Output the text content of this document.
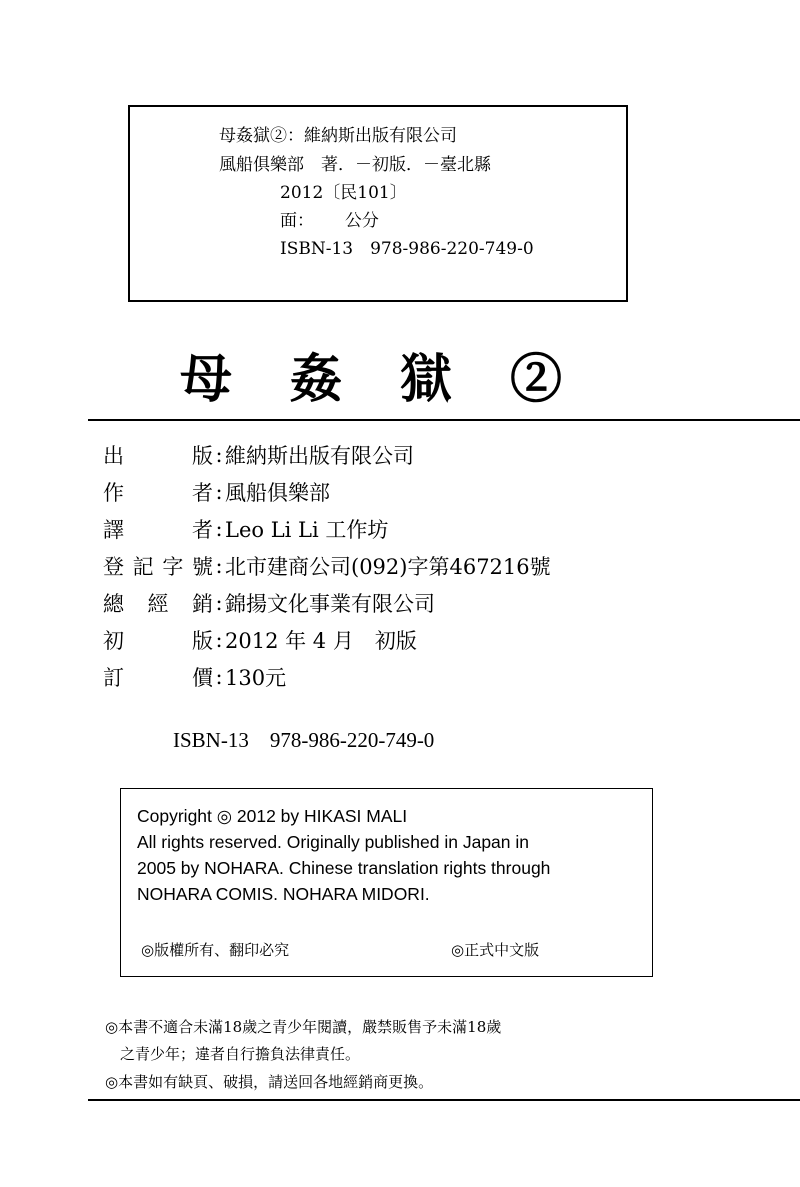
母姦獄②：維納斯出版有限公司
風船俱樂部　著．－初版．－臺北縣
2012〔民101〕
面：　　 公分
ISBN-13　978-986-220-749-0
母姦獄②
出	版 : 維納斯出版有限公司
作	者 : 風船俱樂部
譯	者 : Leo Li Li 工作坊
登 記 字 號 : 北市建商公司(092)字第467216號
總 經 銷 : 錦揚文化事業有限公司
初	版 : 2012 年 4 月　初版
訂	價 : 130元
ISBN-13　978-986-220-749-0
Copyright ◎ 2012 by HIKASI MALI
All rights reserved. Originally published in Japan in
2005 by NOHARA. Chinese translation rights through
NOHARA COMIS. NOHARA MIDORI.
◎版權所有、翻印必究	◎正式中文版
◎本書不適合未滿18歲之青少年閱讀，嚴禁販售予未滿18歲
　之青少年；違者自行擔負法律責任。
◎本書如有缺頁、破損，請送回各地經銷商更換。
